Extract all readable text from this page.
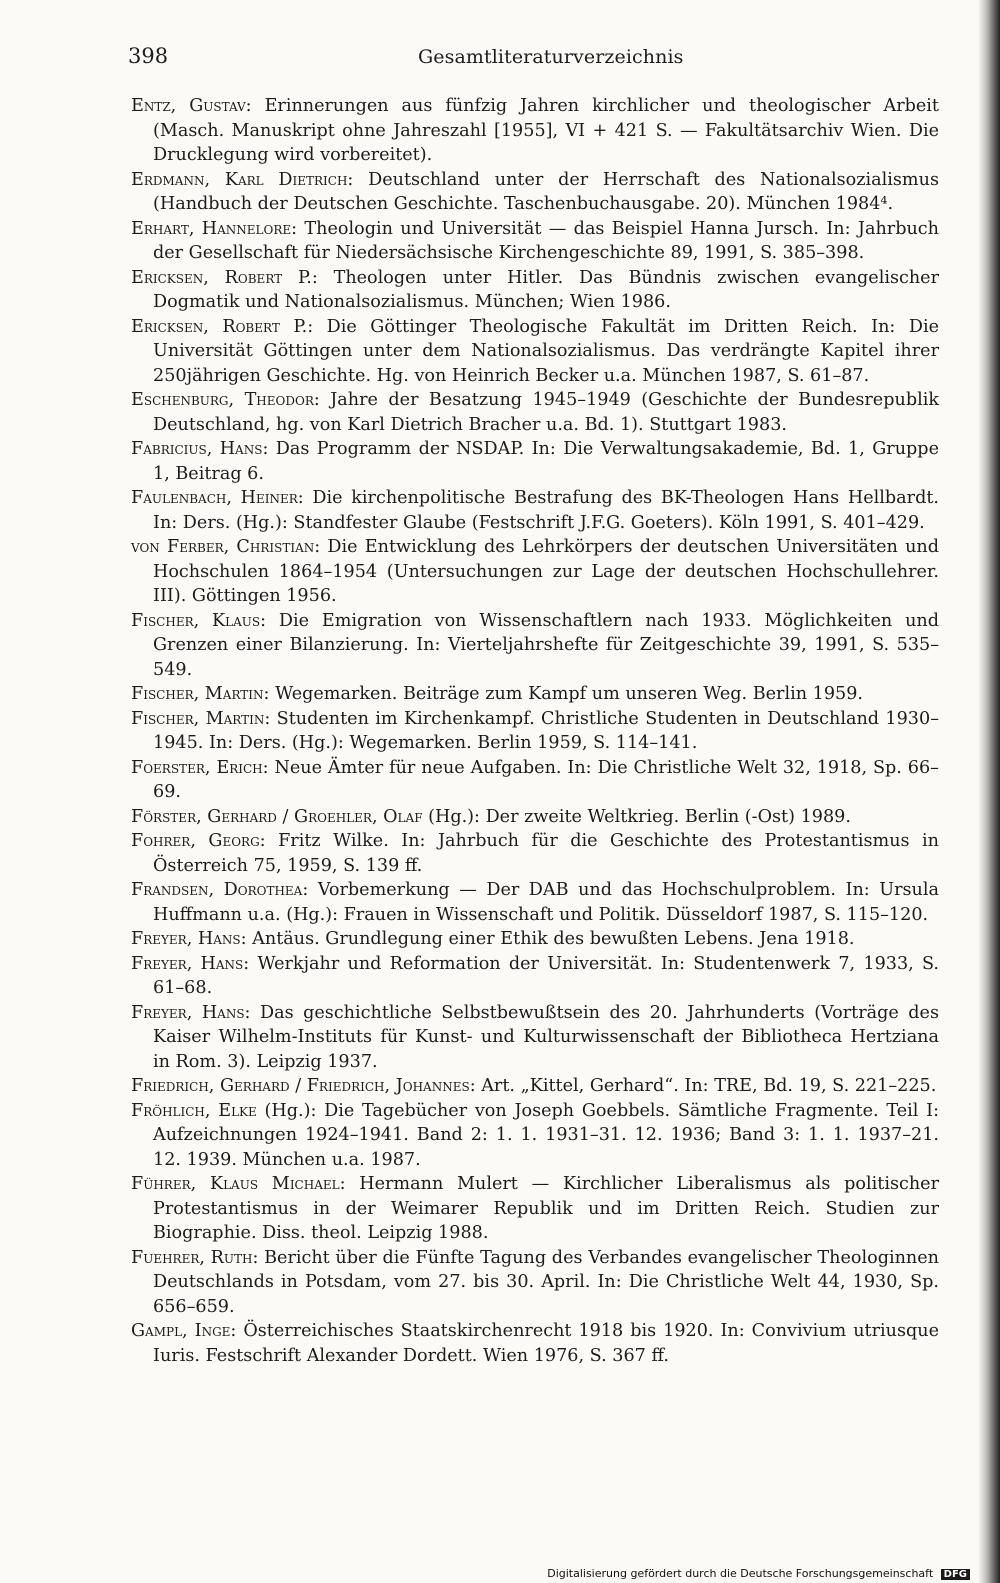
398	Gesamtliteraturverzeichnis

Entz, Gustav: Erinnerungen aus fünfzig Jahren kirchlicher und theologischer Arbeit (Masch. Manuskript ohne Jahreszahl [1955], VI + 421 S. — Fakultätsarchiv Wien. Die Drucklegung wird vorbereitet).

Erdmann, Karl Dietrich: Deutschland unter der Herrschaft des Nationalsozialismus (Handbuch der Deutschen Geschichte. Taschenbuchausgabe. 20). München 1984⁴.

Erhart, Hannelore: Theologin und Universität — das Beispiel Hanna Jursch. In: Jahrbuch der Gesellschaft für Niedersächsische Kirchengeschichte 89, 1991, S. 385–398.

Ericksen, Robert P.: Theologen unter Hitler. Das Bündnis zwischen evangelischer Dogmatik und Nationalsozialismus. München; Wien 1986.

Ericksen, Robert P.: Die Göttinger Theologische Fakultät im Dritten Reich. In: Die Universität Göttingen unter dem Nationalsozialismus. Das verdrängte Kapitel ihrer 250jährigen Geschichte. Hg. von Heinrich Becker u.a. München 1987, S. 61–87.

Eschenburg, Theodor: Jahre der Besatzung 1945–1949 (Geschichte der Bundesrepublik Deutschland, hg. von Karl Dietrich Bracher u.a. Bd. 1). Stuttgart 1983.

Fabricius, Hans: Das Programm der NSDAP. In: Die Verwaltungsakademie, Bd. 1, Gruppe 1, Beitrag 6.

Faulenbach, Heiner: Die kirchenpolitische Bestrafung des BK-Theologen Hans Hellbardt. In: Ders. (Hg.): Standfester Glaube (Festschrift J.F.G. Goeters). Köln 1991, S. 401–429.

von Ferber, Christian: Die Entwicklung des Lehrkörpers der deutschen Universitäten und Hochschulen 1864–1954 (Untersuchungen zur Lage der deutschen Hochschullehrer. III). Göttingen 1956.

Fischer, Klaus: Die Emigration von Wissenschaftlern nach 1933. Möglichkeiten und Grenzen einer Bilanzierung. In: Vierteljahrshefte für Zeitgeschichte 39, 1991, S. 535–549.

Fischer, Martin: Wegemarken. Beiträge zum Kampf um unseren Weg. Berlin 1959.

Fischer, Martin: Studenten im Kirchenkampf. Christliche Studenten in Deutschland 1930–1945. In: Ders. (Hg.): Wegemarken. Berlin 1959, S. 114–141.

Foerster, Erich: Neue Ämter für neue Aufgaben. In: Die Christliche Welt 32, 1918, Sp. 66–69.

Förster, Gerhard / Groehler, Olaf (Hg.): Der zweite Weltkrieg. Berlin (-Ost) 1989.

Fohrer, Georg: Fritz Wilke. In: Jahrbuch für die Geschichte des Protestantismus in Österreich 75, 1959, S. 139 ff.

Frandsen, Dorothea: Vorbemerkung — Der DAB und das Hochschulproblem. In: Ursula Huffmann u.a. (Hg.): Frauen in Wissenschaft und Politik. Düsseldorf 1987, S. 115–120.

Freyer, Hans: Antäus. Grundlegung einer Ethik des bewußten Lebens. Jena 1918.

Freyer, Hans: Werkjahr und Reformation der Universität. In: Studentenwerk 7, 1933, S. 61–68.

Freyer, Hans: Das geschichtliche Selbstbewußtsein des 20. Jahrhunderts (Vorträge des Kaiser Wilhelm-Instituts für Kunst- und Kulturwissenschaft der Bibliotheca Hertziana in Rom. 3). Leipzig 1937.

Friedrich, Gerhard / Friedrich, Johannes: Art. „Kittel, Gerhard“. In: TRE, Bd. 19, S. 221–225.

Fröhlich, Elke (Hg.): Die Tagebücher von Joseph Goebbels. Sämtliche Fragmente. Teil I: Aufzeichnungen 1924–1941. Band 2: 1. 1. 1931–31. 12. 1936; Band 3: 1. 1. 1937–21. 12. 1939. München u.a. 1987.

Führer, Klaus Michael: Hermann Mulert — Kirchlicher Liberalismus als politischer Protestantismus in der Weimarer Republik und im Dritten Reich. Studien zur Biographie. Diss. theol. Leipzig 1988.

Fuehrer, Ruth: Bericht über die Fünfte Tagung des Verbandes evangelischer Theologinnen Deutschlands in Potsdam, vom 27. bis 30. April. In: Die Christliche Welt 44, 1930, Sp. 656–659.

Gampl, Inge: Österreichisches Staatskirchenrecht 1918 bis 1920. In: Convivium utriusque Iuris. Festschrift Alexander Dordett. Wien 1976, S. 367 ff.

Digitalisierung gefördert durch die Deutsche Forschungsgemeinschaft DFG
